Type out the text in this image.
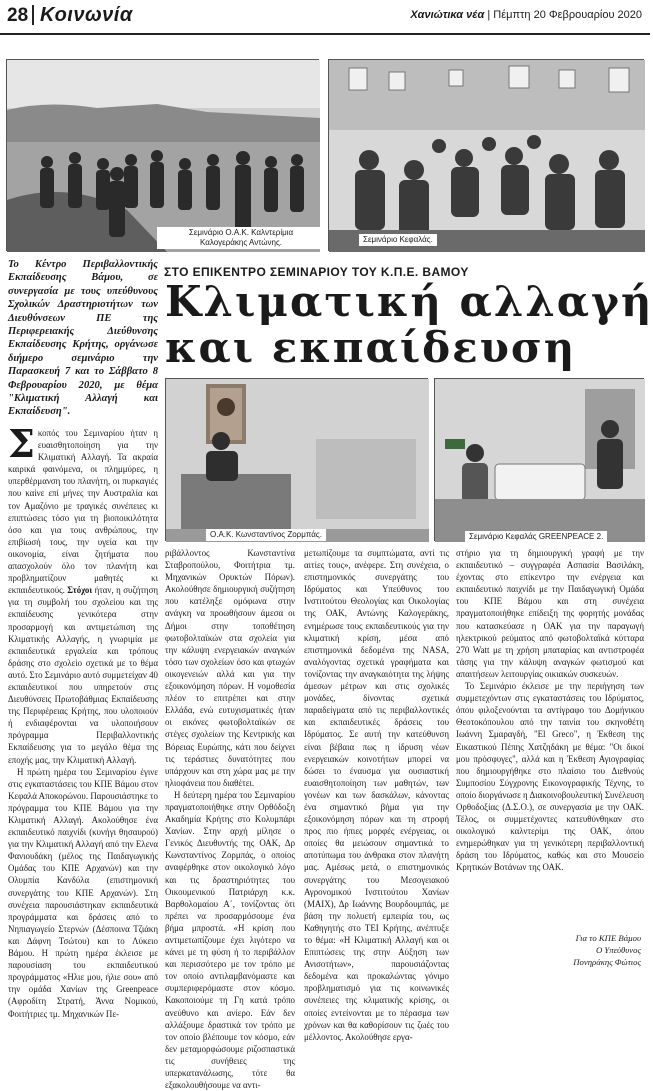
28 Κοινωνία	Χανιώτικα νέα | Πέμπτη 20 Φεβρουαρίου 2020
Σεμινάριο Ο.Α.Κ. Καλντερίμια
Καλογεράκης Αντώνης.	Σεμινάριο Κεφαλάς.
ΣΤΟ ΕΠΙΚΕΝΤΡΟ ΣΕΜΙΝΑΡΙΟΥ ΤΟΥ Κ.Π.Ε. ΒΑΜΟΥ
Κλιματική αλλαγή
και εκπαίδευση
Το Κέντρο Περιβαλλοντικής Εκπαίδευσης Βάμου, σε συνεργασία με τους υπεύθυνους Σχολικών Δραστηριοτήτων των Διευθύνσεων ΠΕ της Περιφερειακής Διεύθυνσης Εκπαίδευσης Κρήτης, οργάνωσε διήμερο σεμινάριο την Παρασκευή 7 και το Σάββατο 8 Φεβρουαρίου 2020, με θέμα "Κλιματική Αλλαγή και Εκπαίδευση".
Ο.Α.Κ. Κωνσταντίνος Ζορμπάς.	Σεμινάριο Κεφαλάς GREENPEACE 2.

Σκοπός του Σεμιναρίου ήταν η ευαισθητοποίηση για την Κλιματική Αλλαγή. Τα ακραία καιρικά φαινόμενα, οι πλημμύρες, η υπερθέρμανση του πλανήτη, οι πυρκαγιές που καίνε επί μήνες την Αυστραλία και τον Αμαζόνιο με τραγικές συνέπειες κι επιπτώσεις τόσο για τη βιοποικιλότητα όσο και για τους ανθρώπους, την επιβίωσή τους, την υγεία και την οικονομία, είναι ζητήματα που απασχολούν όλο τον πλανήτη και προβληματίζουν μαθητές κι εκπαιδευτικούς. Στόχοι ήταν, η συζήτηση για τη συμβολή του σχολείου και της εκπαίδευσης γενικότερα στην προσαρμογή και αντιμετώπιση της Κλιματικής Αλλαγής, η γνωριμία με εκπαιδευτικά εργαλεία και τρόπους δράσης στο σχολείο σχετικά με το θέμα αυτό. Στο Σεμινάριο αυτό συμμετείχαν 40 εκπαιδευτικοί που υπηρετούν στις Διευθύνσεις Πρωτοβάθμιας Εκπαίδευσης της Περιφέρειας Κρήτης, που υλοποιούν ή ενδιαφέρονται να υλοποιήσουν πρόγραμμα Περιβαλλοντικής Εκπαίδευσης για το μεγάλο θέμα της εποχής μας, την Κλιματική Αλλαγή.

Η πρώτη ημέρα του Σεμιναρίου έγινε στις εγκαταστάσεις του ΚΠΕ Βάμου στον Κεφαλά Αποκορώνου. Παρουσιάστηκε το πρόγραμμα του ΚΠΕ Βάμου για την Κλιματική Αλλαγή. Ακολούθησε ένα εκπαιδευτικό παιχνίδι (κυνήγι θησαυρού) για την Κλιματική Αλλαγή από την Ελενα Φανιουδάκη (μέλος της Παιδαγωγικής Ομάδας του ΚΠΕ Αρχανών) και την Ολυμπία Κανδύλα (επιστημονική συνεργάτης του ΚΠΕ Αρχανών). Στη συνέχεια παρουσιάστηκαν εκπαιδευτικά προγράμματα και δράσεις από το Νηπιαγωγείο Στερνών (Δέσποινα Τζιάκη και Δάφνη Τσώτου) και το Λύκειο Βάμου. Η πρώτη ημέρα έκλεισε με παρουσίαση του εκπαιδευτικού προγράμματος «Ηλιε μου, ήλιε σου» από την ομάδα Χανίων της Greenpeace (Αφροδίτη Στρατή, Άννα Νομικού, Φοιτήτριες τμ. Μηχανικών Πε-

ριβάλλοντος Κωνσταντίνα Σταβροπούλου, Φοιτήτρια τμ. Μηχανικών Ορυκτών Πόρων). Ακολούθησε δημιουργική συζήτηση που κατέληξε ομόφωνα στην ανάγκη να προωθήσουν άμεσα οι Δήμοι στην τοποθέτηση φωτοβολταϊκών στα σχολεία για την κάλυψη ενεργειακών αναγκών τόσο των σχολείων όσο και φτωχών οικογενειών αλλά και για την εξοικονόμηση πόρων. Η νομοθεσία πλέον το επιτρέπει και στην Ελλάδα, ενώ ευτυχισματικές ήταν οι εικόνες φωτοβολταϊκών σε στέγες σχολείων της Κεντρικής και Βόρειας Ευρώπης, κάτι που δείχνει τις τεράστιες δυνατότητες που υπάρχουν και στη χώρα μας με την ηλιοφάνεια που διαθέτει.

Η δεύτερη ημέρα του Σεμιναρίου πραγματοποιήθηκε στην Ορθόδοξη Ακαδημία Κρήτης στο Κολυμπάρι Χανίων. Στην αρχή μίλησε ο Γενικός Διευθυντής της ΟΑΚ, Δρ Κωνσταντίνος Ζορμπάς, ο οποίος αναφέρθηκε στον οικολογικό λόγο και τις δραστηριότητες του Οικουμενικού Πατριάρχη κ.κ. Βαρθολομαίου Α΄, τονίζοντας ότι πρέπει να προσαρμόσουμε ένα βήμα μπροστά. «Η κρίση που αντιμετωπίζουμε έχει λιγότερο να κάνει με τη φύση ή το περιβάλλον και περισσότερο με τον τρόπο με τον οποίο αντιλαμβανόμαστε και συμπεριφερόμαστε στον κόσμο. Κακοποιούμε τη Γη κατά τρόπο ανεύθυνο και ανίερο. Εάν δεν αλλάξουμε δραστικά τον τρόπο με τον οποίο βλέπουμε τον κόσμο, εάν δεν μεταμορφώσουμε ριζοσπαστικά τις συνήθειες της υπερκατανάλωσης, τότε θα εξακολουθήσουμε να αντι-

μετωπίζουμε τα συμπτώματα, αντί τις αιτίες τους», ανέφερε. Στη συνέχεια, ο επιστημονικός συνεργάτης του Ιδρύματος και Υπεύθυνος του Ινστιτούτου Θεολογίας και Οικολογίας της ΟΑΚ, Αντώνης Καλογεράκης, ενημέρωσε τους εκπαιδευτικούς για την κλιματική κρίση, μέσα από επιστημονικά δεδομένα της NASA, αναλόγοντας σχετικά γραφήματα και τονίζοντας την αναγκαιότητα της λήψης άμεσων μέτρων και στις σχολικές μονάδες, δίνοντας σχετικά παραδείγματα από τις περιβαλλοντικές και εκπαιδευτικές δράσεις του Ιδρύματος. Σε αυτή την κατεύθυνση είναι βέβαια πως η ίδρυση νέων ενεργειακών κοινοτήτων μπορεί να δώσει το έναυσμα για ουσιαστική ευαισθητοποίηση των μαθητών, των γονέων και των δασκάλων, κάνοντας ένα σημαντικό βήμα για την εξοικονόμηση πόρων και τη στροφή προς πιο ήπιες μορφές ενέργειας, οι οποίες θα μειώσουν σημαντικά το αποτύπωμα του άνθρακα στον πλανήτη μας. Αμέσως μετά, ο επιστημονικός συνεργάτης του Μεσογειακού Αγρονομικού Ινστιτούτου Χανίων (ΜΑΙΧ), Δρ Ιωάννης Βουρδουμπάς, με βάση την πολυετή εμπειρία του, ως Καθηγητής στο ΤΕΙ Κρήτης, ανέπτυξε το θέμα: «Η Κλιματική Αλλαγή και οι Επιπτώσεις της στην Αύξηση των Ανισοτήτων», παρουσιάζοντας δεδομένα και προκαλώντας γόνιμο προβληματισμό για τις κοινωνικές συνέπειες της κλιματικής κρίσης, οι οποίες εντείνονται με το πέρασμα των χρόνων και θα καθορίσουν τις ζωές του μέλλοντος. Ακολούθησε εργα-

στήριο για τη δημιουργική γραφή με την εκπαιδευτικό – συγγραφέα Ασπασία Βασιλάκη, έχοντας στο επίκεντρο την ενέργεια και εκπαιδευτικό παιχνίδι με την Παιδαγωγική Ομάδα του ΚΠΕ Βάμου και στη συνέχεια πραγματοποιήθηκε επίδειξη της φορητής μονάδας που κατασκεύασε η ΟΑΚ για την παραγωγή ηλεκτρικού ρεύματος από φωτοβολταϊκά κύτταρα 270 Watt με τη χρήση μπαταρίας και αντιστροφέα τάσης για την κάλυψη αναγκών φωτισμού και απαιτήσεων λειτουργίας οικιακών συσκευών.

Το Σεμινάριο έκλεισε με την περιήγηση των συμμετεχόντων στις εγκαταστάσεις του Ιδρύματος, όπου φιλοξενούνται τα αντίγραφο του Δομήνικου Θεοτοκόπουλου από την ταινία του σκηνοθέτη Ιωάννη Σμαραγδή, "El Greco", η Έκθεση της Εικαστικού Πέπης Χατζηδάκη με θέμα: "Οι δικοί μου πρόσφυγες", αλλά και η Έκθεση Αγιογραφίας που δημιουργήθηκε στο πλαίσιο του Διεθνούς Συμποσίου Σύγχρονης Εικονογραφικής Τέχνης, το οποίο διοργάνωσε η Διακοινοβουλευτική Συνέλευση Ορθοδοξίας (Δ.Σ.Ο.), σε συνεργασία με την ΟΑΚ. Τέλος, οι συμμετέχοντες κατευθύνθηκαν στο οικολογικό καλντερίμι της ΟΑΚ, όπου ενημερώθηκαν για τη γενικότερη περιβαλλοντική δράση του Ιδρύματος, καθώς και στο Μουσείο Κρητικών Βοτάνων της ΟΑΚ.

Για το ΚΠΕ Βάμου
Ο Υπεύθυνος
Πονηράκης Φώτιος
